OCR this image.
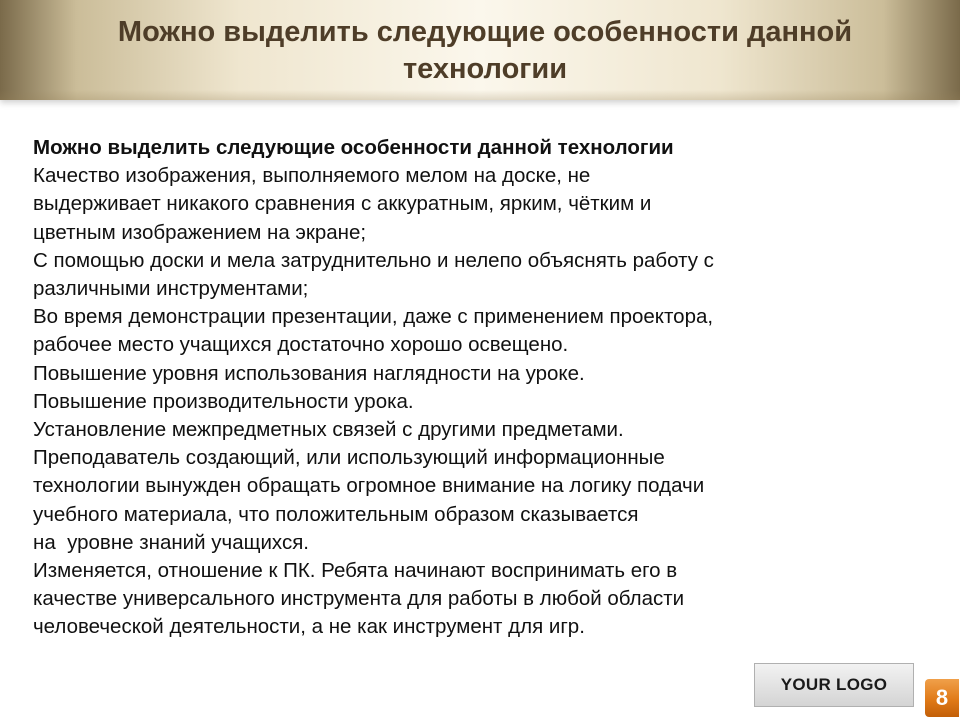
Можно выделить следующие особенности данной технологии
Можно выделить следующие особенности данной технологии
Качество изображения, выполняемого мелом на доске, не
выдерживает никакого сравнения с аккуратным, ярким, чётким и
цветным изображением на экране;
С помощью доски и мела затруднительно и нелепо объяснять работу с
различными инструментами;
Во время демонстрации презентации, даже с применением проектора,
рабочее место учащихся достаточно хорошо освещено.
Повышение уровня использования наглядности на уроке.
Повышение производительности урока.
Установление межпредметных связей с другими предметами.
Преподаватель создающий, или использующий информационные
технологии вынужден обращать огромное внимание на логику подачи
учебного материала, что положительным образом сказывается
на  уровне знаний учащихся.
Изменяется, отношение к ПК. Ребята начинают воспринимать его в
качестве универсального инструмента для работы в любой области
человеческой деятельности, а не как инструмент для игр.
YOUR LOGO
8
